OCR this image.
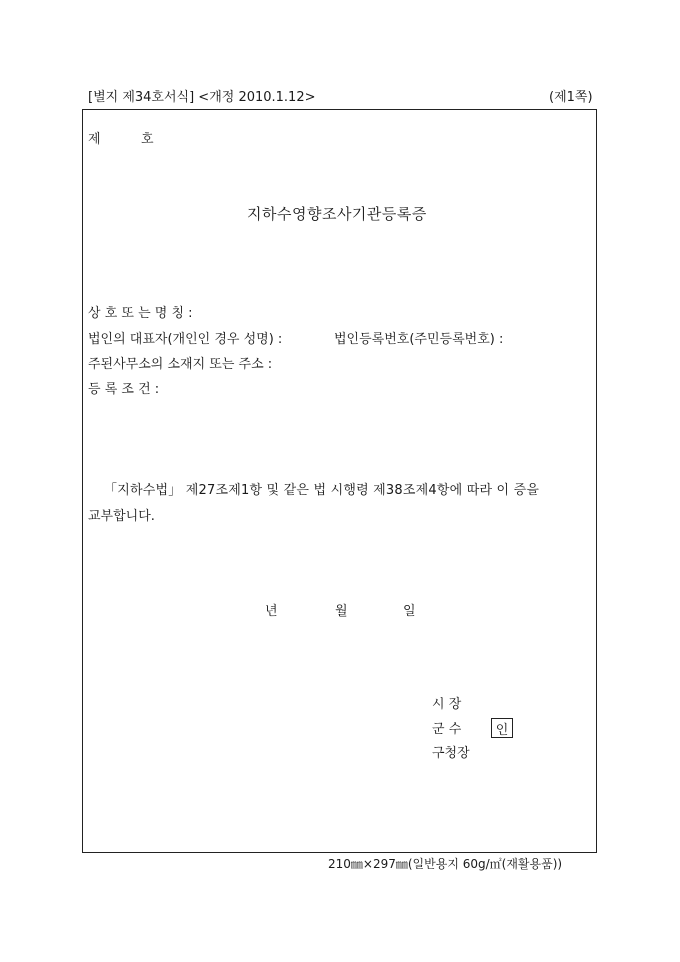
[별지 제34호서식] <개정 2010.1.12>	(제1쪽)
제	호
지하수영향조사기관등록증
상 호 또 는 명 칭 :
법인의 대표자(개인인 경우 성명) :	법인등록번호(주민등록번호) :
주된사무소의 소재지 또는 주소 :
등 록 조 건 :
「지하수법」 제27조제1항 및 같은 법 시행령 제38조제4항에 따라 이 증을
교부합니다.
년	월	일
시 장
군 수	인
구청장
210㎜×297㎜(일반용지 60g/㎡(재활용품))
